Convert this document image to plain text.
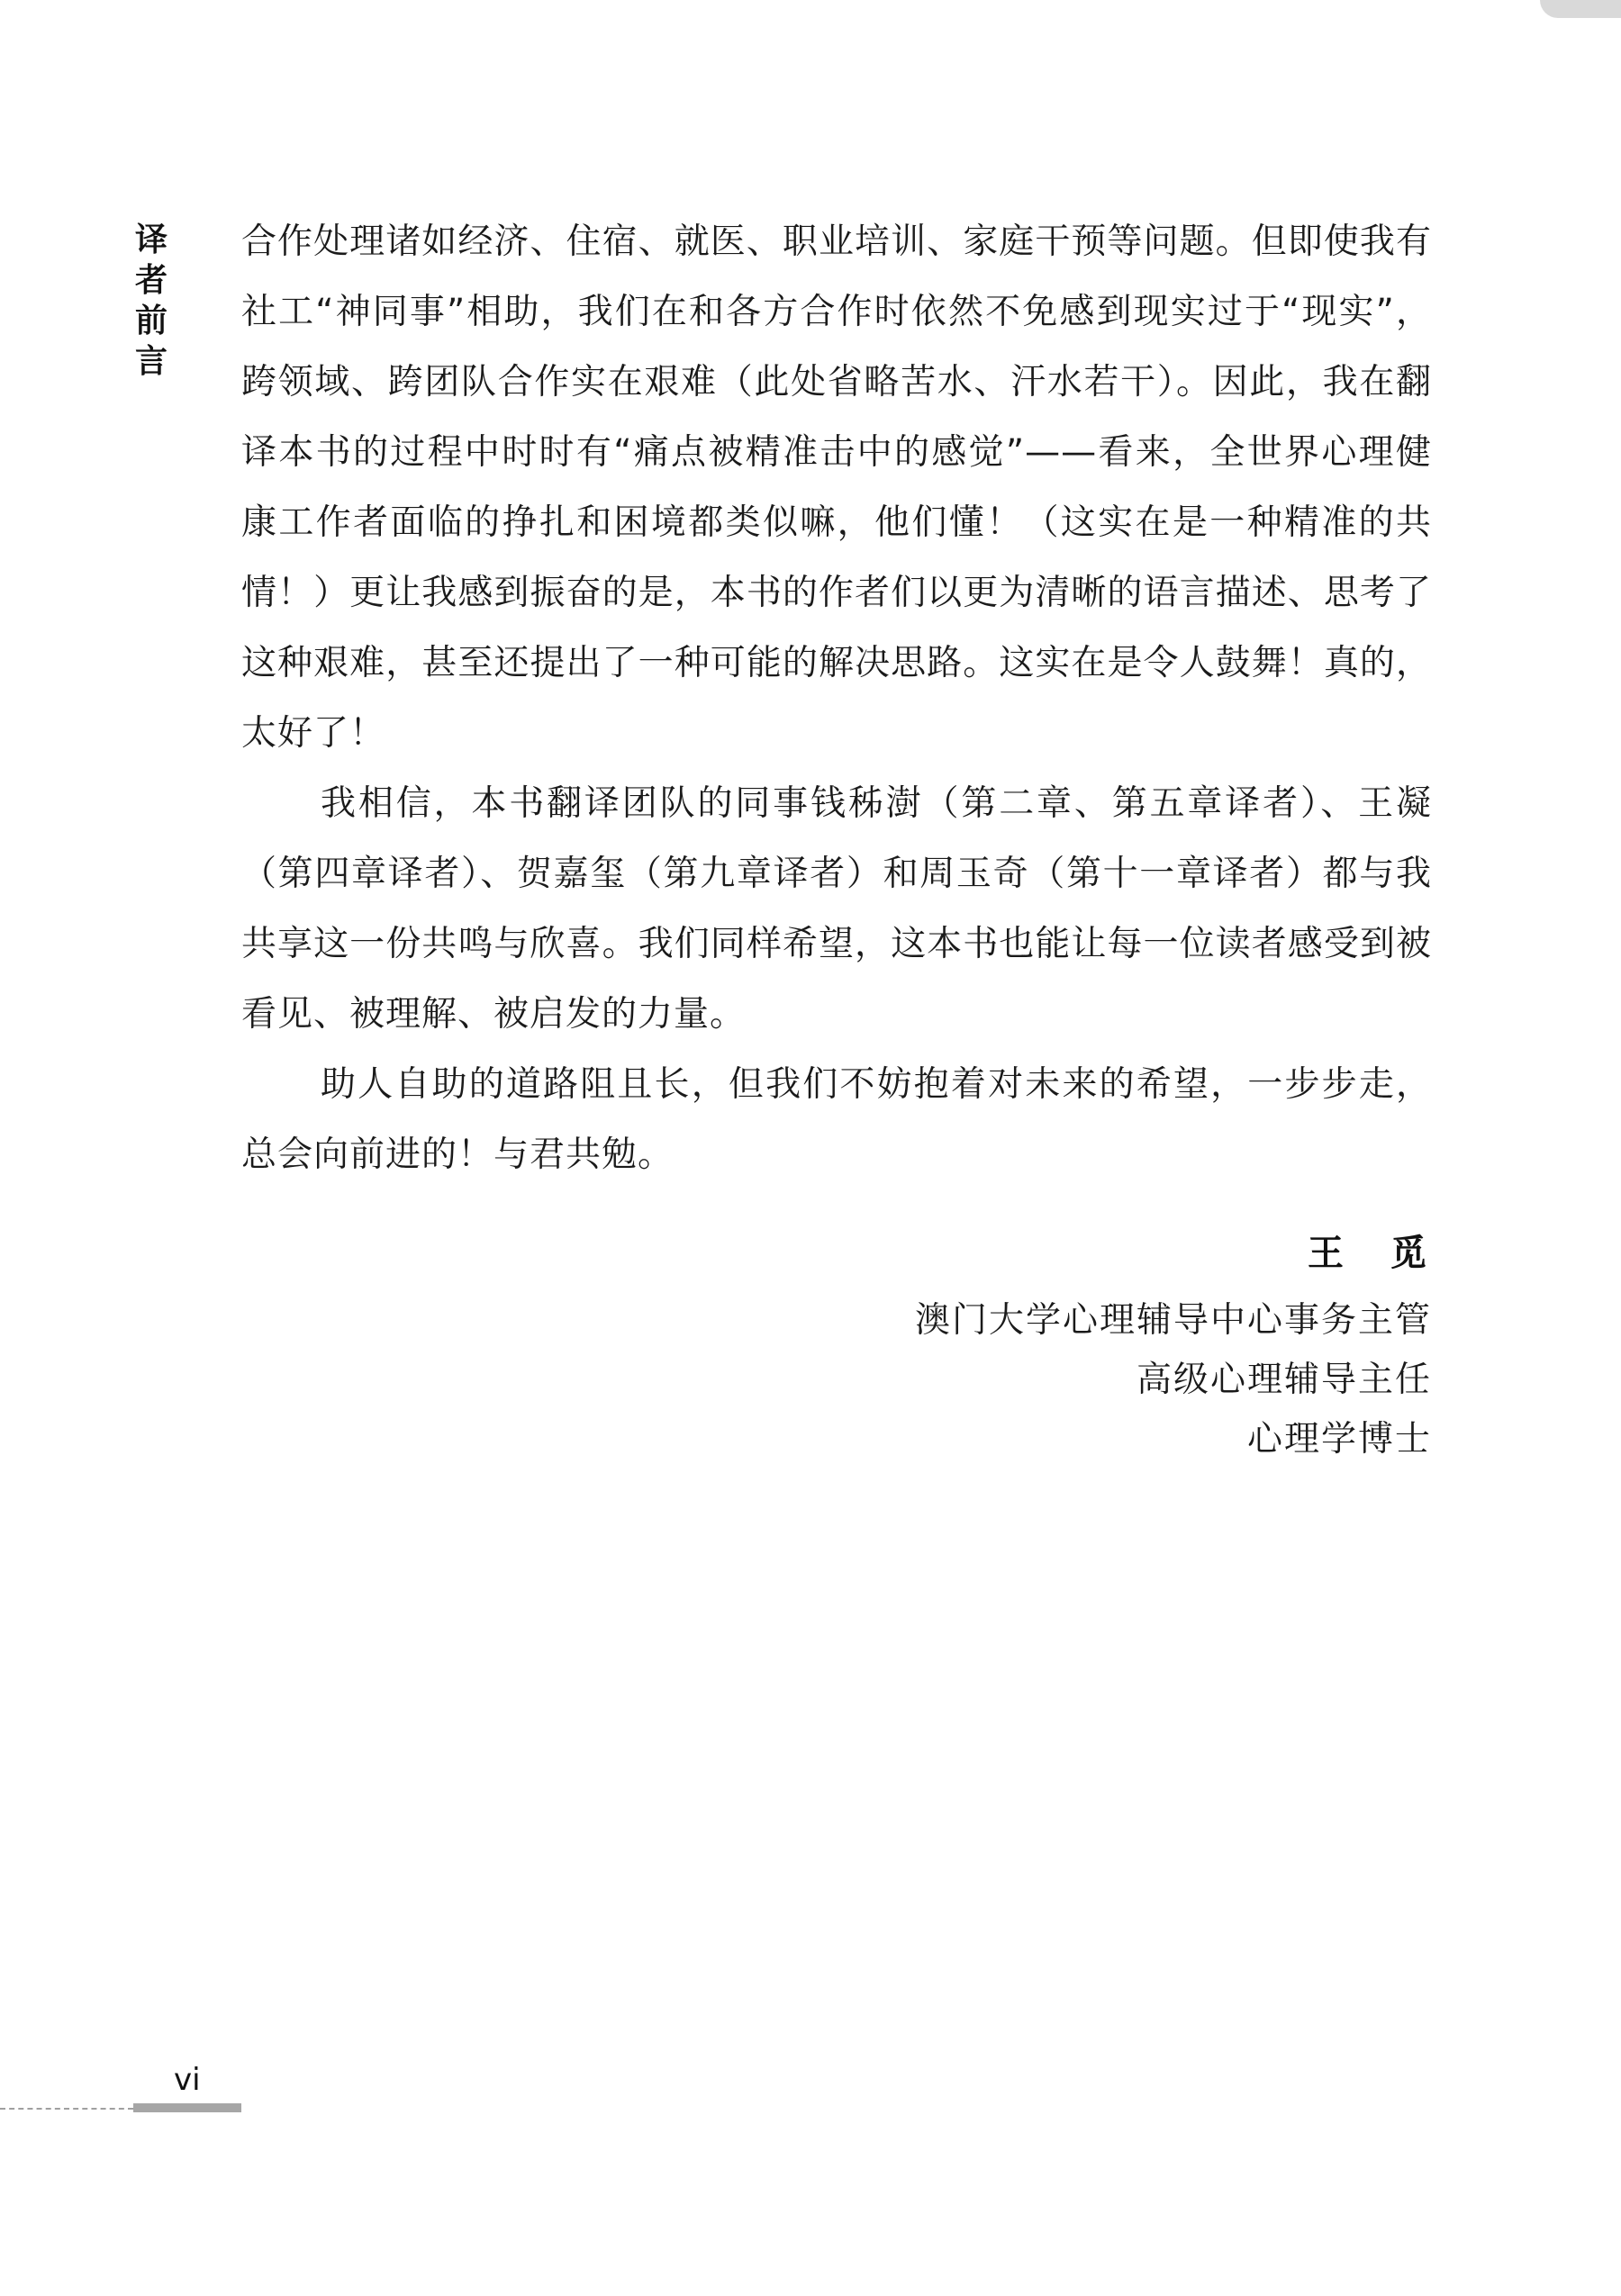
译
者
前
言

合作处理诸如经济、住宿、就医、职业培训、家庭干预等问题。但即使我有社工“神同事”相助，我们在和各方合作时依然不免感到现实过于“现实”，跨领域、跨团队合作实在艰难（此处省略苦水、汗水若干）。因此，我在翻译本书的过程中时时有“痛点被精准击中的感觉”——看来，全世界心理健康工作者面临的挣扎和困境都类似嘛，他们懂！（这实在是一种精准的共情！）更让我感到振奋的是，本书的作者们以更为清晰的语言描述、思考了这种艰难，甚至还提出了一种可能的解决思路。这实在是令人鼓舞！真的，太好了！

我相信，本书翻译团队的同事钱秭澍（第二章、第五章译者）、王凝（第四章译者）、贺嘉玺（第九章译者）和周玉奇（第十一章译者）都与我共享这一份共鸣与欣喜。我们同样希望，这本书也能让每一位读者感受到被看见、被理解、被启发的力量。

助人自助的道路阻且长，但我们不妨抱着对未来的希望，一步步走，总会向前进的！与君共勉。

王　觅
澳门大学心理辅导中心事务主管
高级心理辅导主任
心理学博士
vi
